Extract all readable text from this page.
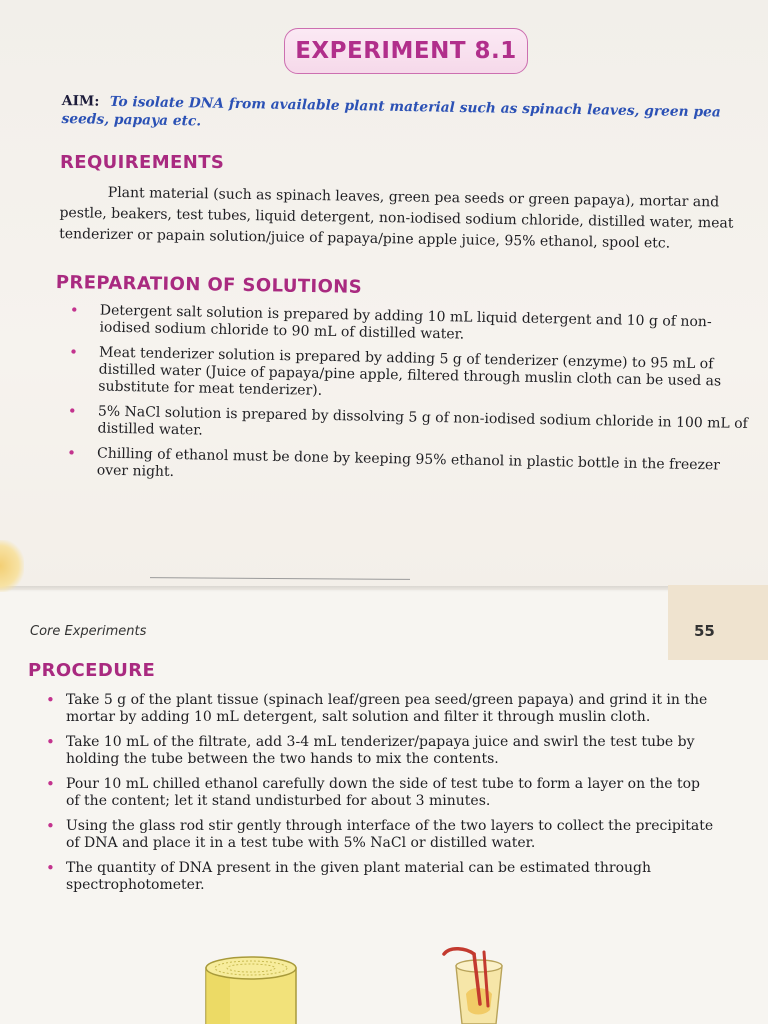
EXPERIMENT 8.1
AIM: To isolate DNA from available plant material such as spinach leaves, green pea seeds, papaya etc.
REQUIREMENTS

Plant material (such as spinach leaves, green pea seeds or green papaya), mortar and pestle, beakers, test tubes, liquid detergent, non-iodised sodium chloride, distilled water, meat tenderizer or papain solution/juice of papaya/pine apple juice, 95% ethanol, spool etc.

PREPARATION OF SOLUTIONS
• Detergent salt solution is prepared by adding 10 mL liquid detergent and 10 g of non-iodised sodium chloride to 90 mL of distilled water.
• Meat tenderizer solution is prepared by adding 5 g of tenderizer (enzyme) to 95 mL of distilled water (Juice of papaya/pine apple, filtered through muslin cloth can be used as substitute for meat tenderizer).
• 5% NaCl solution is prepared by dissolving 5 g of non-iodised sodium chloride in 100 mL of distilled water.
• Chilling of ethanol must be done by keeping 95% ethanol in plastic bottle in the freezer over night.
Core Experiments	55
PROCEDURE
• Take 5 g of the plant tissue (spinach leaf/green pea seed/green papaya) and grind it in the mortar by adding 10 mL detergent, salt solution and filter it through muslin cloth.
• Take 10 mL of the filtrate, add 3-4 mL tenderizer/papaya juice and swirl the test tube by holding the tube between the two hands to mix the contents.
• Pour 10 mL chilled ethanol carefully down the side of test tube to form a layer on the top of the content; let it stand undisturbed for about 3 minutes.
• Using the glass rod stir gently through interface of the two layers to collect the precipitate of DNA and place it in a test tube with 5% NaCl or distilled water.
• The quantity of DNA present in the given plant material can be estimated through spectrophotometer.
